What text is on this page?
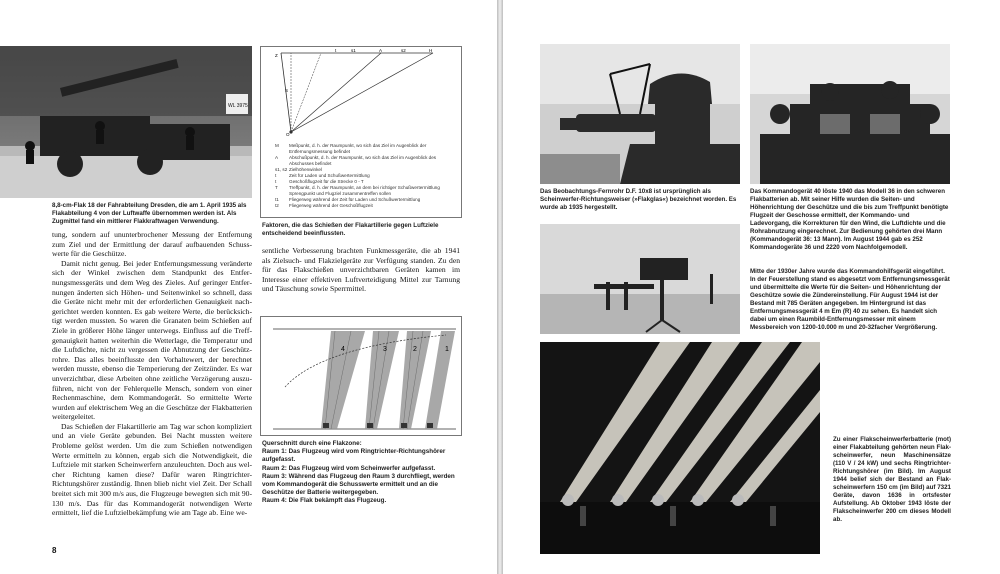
WL 3975
8,8-cm-Flak 18 der Fahrabteilung Dresden, die am 1. April 1935 als Flakabteilung 4 von der Luftwaffe übernommen werden ist. Als Zugmittel fand ein mittlerer Flakkraftwagen Verwendung.
t	s1	A	s2	H
Z
S
O
M	Meßpunkt, d. h. der Raumpunkt, wo sich das Ziel im Augenblick der Entfernungsmessung befindet
A	Abschußpunkt, d. h. der Raumpunkt, wo sich das Ziel im Augenblick des Abschusses befindet
s1, s2 Zielhöhenwinkel
t	Zeit für Laden und Schußwertermittlung
t	Geschoßflugzeit für die Strecke 0 - T
T	Treffpunkt, d. h. der Raumpunkt, an dem bei richtiger Schußwertermittlung Sprengpunkt und Flugziel zusammentreffen sollen
t1	Fliegerweg während der Zeit für Laden und Schußwertermittlung
t2	Fliegerweg während der Geschoßflugzeit
Faktoren, die das Schießen der Flakartillerie gegen Luftziele entscheidend beeinflussten.

tung, sondern auf ununterbrochener Messung der Entfernung zum Ziel und der Ermittlung der darauf aufbauenden Schusswerte für die Geschütze.

Damit nicht genug. Bei jeder Entfernungsmessung veränderte sich der Winkel zwischen dem Standpunkt des Entfernungsmessgeräts und dem Weg des Zieles. Auf geringer Entfernungen änderten sich Höhen- und Seitenwinkel so schnell, dass die Geräte nicht mehr mit der erforderlichen Genauigkeit nachgerichtet werden konnten. Es gab weitere Werte, die berücksichtigt werden mussten. So waren die Granaten beim Schießen auf Ziele in größerer Höhe länger unterwegs. Einfluss auf die Treffgenauigkeit hatten weiterhin die Wetterlage, die Temperatur und die Luftdichte, nicht zu vergessen die Abnutzung der Geschützrohre. Das alles beeinflusste den Vorhaltewert, der berechnet werden musste, ebenso die Temperierung der Zeitzünder. Es war unverzichtbar, diese Arbeiten ohne zeitliche Verzögerung auszuführen, nicht von der Fehlerquelle Mensch, sondern von einer Rechenmaschine, dem Kommandogerät. So ermittelte Werte wurden auf elektrischem Weg an die Geschütze der Flakbatterien weitergeleitet.

Das Schießen der Flakartillerie am Tag war schon kompliziert und an viele Geräte gebunden. Bei Nacht mussten weitere Probleme gelöst werden. Um die zum Schießen notwendigen Werte ermitteln zu können, ergab sich die Notwendigkeit, die Luftziele mit starken Scheinwerfern anzuleuchten. Doch aus welcher Richtung kamen diese? Dafür waren Ringtrichter-Richtungshörer zuständig. Ihnen blieb nicht viel Zeit. Der Schall breitet sich mit 300 m/s aus, die Flugzeuge bewegten sich mit 90-130 m/s. Das für das Kommandogerät notwendigen Werte ermittelt, lief die Luftzielbekämpfung wie am Tage ab. Eine we-

sentliche Verbesserung brachten Funkmessgeräte, die ab 1941 als Zielsuch- und Flakzielgeräte zur Verfügung standen. Zu den für das Flakschießen unverzichtbaren Geräten kamen im Interesse einer effektiven Luftverteidigung Mittel zur Tarnung und Täuschung sowie Sperrmittel.

4	3	2	1
Querschnitt durch eine Flakzone:
Raum 1: Das Flugzeug wird vom Ringtrichter-Richtungshörer aufgefasst.
Raum 2: Das Flugzeug wird vom Scheinwerfer aufgefasst.
Raum 3: Während das Flugzeug den Raum 3 durchfliegt, werden vom Kommandogerät die Schusswerte ermittelt und an die Geschütze der Batterie weitergegeben.
Raum 4: Die Flak bekämpft das Flugzeug.
8
Das Beobachtungs-Fernrohr D.F. 10x8 ist ursprünglich als Scheinwerfer-Richtungsweiser (»Flakglas«) bezeichnet worden. Es wurde ab 1935 hergestellt.
Das Kommandogerät 40 löste 1940 das Modell 36 in den schweren Flakbatterien ab. Mit seiner Hilfe wurden die Seiten- und Höhenrichtung der Geschütze und die bis zum Treffpunkt benötigte Flugzeit der Geschosse ermittelt, der Kommando- und Ladevorgang, die Korrekturen für den Wind, die Luftdichte und die Rohrabnutzung eingerechnet. Zur Bedienung gehörten drei Mann (Kommandogerät 36: 13 Mann). Im August 1944 gab es 252 Kommandogeräte 36 und 2220 vom Nachfolgemodell.
Mitte der 1930er Jahre wurde das Kommandohilfsgerät eingeführt. In der Feuerstellung stand es abgesetzt vom Entfernungsmessgerät und übermittelte die Werte für die Seiten- und Höhenrichtung der Geschütze sowie die Zündereinstellung. Für August 1944 ist der Bestand mit 785 Geräten angegeben. Im Hintergrund ist das Entfernungsmessgerät 4 m Em (R) 40 zu sehen. Es handelt sich dabei um einen Raumbild-Entfernungsmesser mit einem Messbereich von 1200-10.000 m und 20-32facher Vergrößerung.
Zu einer Flakscheinwerferbatterie (mot) einer Flakabteilung gehörten neun Flakscheinwerfer, neun Maschinensätze (110 V / 24 kW) und sechs Ringtrichter-Richtungshörer (im Bild). Im August 1944 belief sich der Bestand an Flakscheinwerfern 150 cm (im Bild) auf 7321 Geräte, davon 1636 in ortsfester Aufstellung. Ab Oktober 1943 löste der Flakscheinwerfer 200 cm dieses Modell ab.
